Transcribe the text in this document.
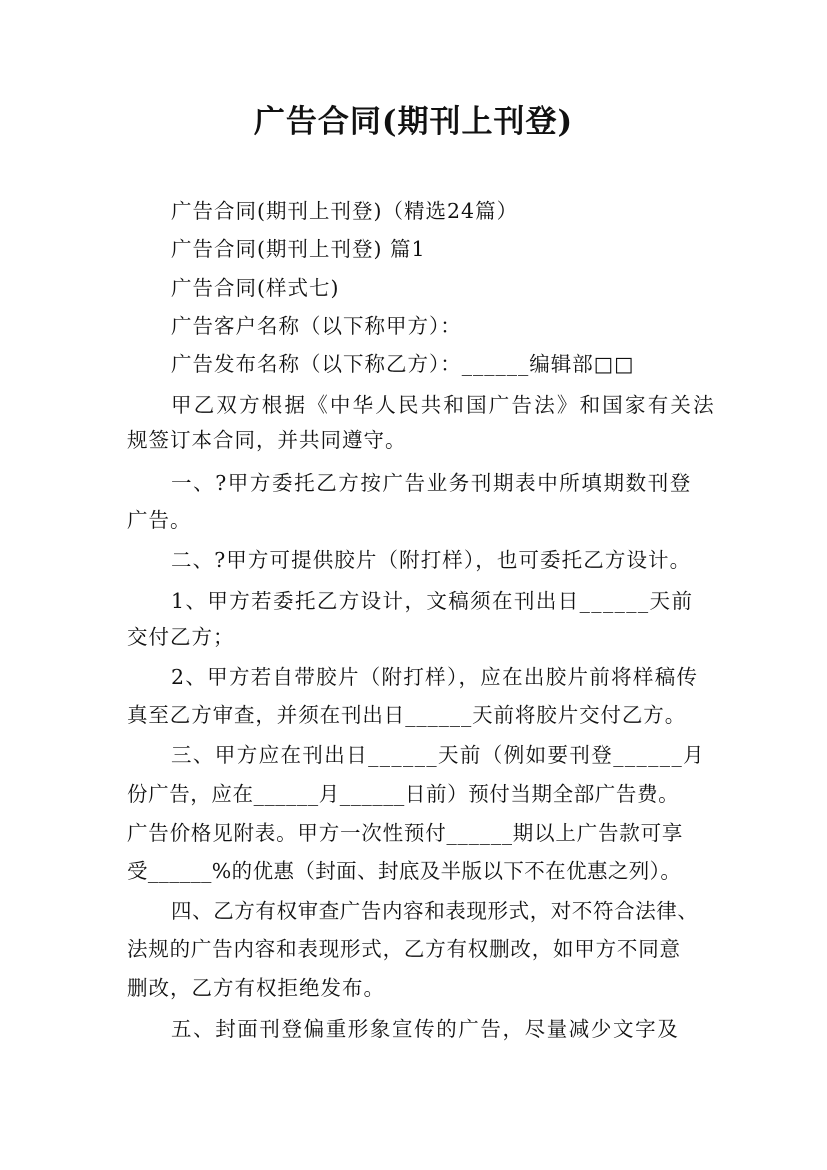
广告合同(期刊上刊登)
广告合同(期刊上刊登)（精选24篇）
广告合同(期刊上刊登) 篇1
广告合同(样式七)
广告客户名称（以下称甲方）：
广告发布名称（以下称乙方）：______编辑部□□
甲乙双方根据《中华人民共和国广告法》和国家有关法
规签订本合同，并共同遵守。
一、?甲方委托乙方按广告业务刊期表中所填期数刊登
广告。
二、?甲方可提供胶片（附打样），也可委托乙方设计。
1、甲方若委托乙方设计，文稿须在刊出日______天前
交付乙方；
2、甲方若自带胶片（附打样），应在出胶片前将样稿传
真至乙方审查，并须在刊出日______天前将胶片交付乙方。
三、甲方应在刊出日______天前（例如要刊登______月
份广告，应在______月______日前）预付当期全部广告费。
广告价格见附表。甲方一次性预付______期以上广告款可享
受______%的优惠（封面、封底及半版以下不在优惠之列）。
四、乙方有权审查广告内容和表现形式，对不符合法律、
法规的广告内容和表现形式，乙方有权删改，如甲方不同意
删改，乙方有权拒绝发布。
五、封面刊登偏重形象宣传的广告，尽量减少文字及
